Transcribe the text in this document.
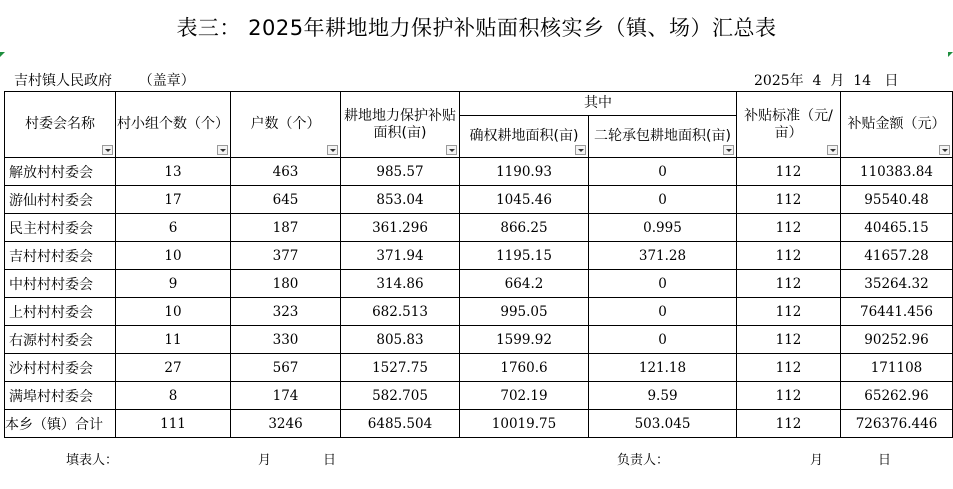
表三： 2025年耕地地力保护补贴面积核实乡（镇、场）汇总表
吉村镇人民政府 （盖章）	2025年 4 月 14 日
村委会名称	村小组个数（个）	户数（个）	耕地地力保护补贴面积(亩)	其中		补贴标准（元/亩）	补贴金额（元）

				确权耕地面积(亩)	二轮承包耕地面积(亩)		

解放村村委会	13	463	985.57	1190.93	0	112	110383.84
游仙村村委会	17	645	853.04	1045.46	0	112	95540.48
民主村村委会	6	187	361.296	866.25	0.995	112	40465.15
吉村村村委会	10	377	371.94	1195.15	371.28	112	41657.28
中村村村委会	9	180	314.86	664.2	0	112	35264.32
上村村村委会	10	323	682.513	995.05	0	112	76441.456
右源村村委会	11	330	805.83	1599.92	0	112	90252.96
沙村村村委会	27	567	1527.75	1760.6	121.18	112	171108
满埠村村委会	8	174	582.705	702.19	9.59	112	65262.96
本乡（镇）合计	111	3246	6485.504	10019.75	503.045	112	726376.446
填表人：	月	日	负责人：	月	日
